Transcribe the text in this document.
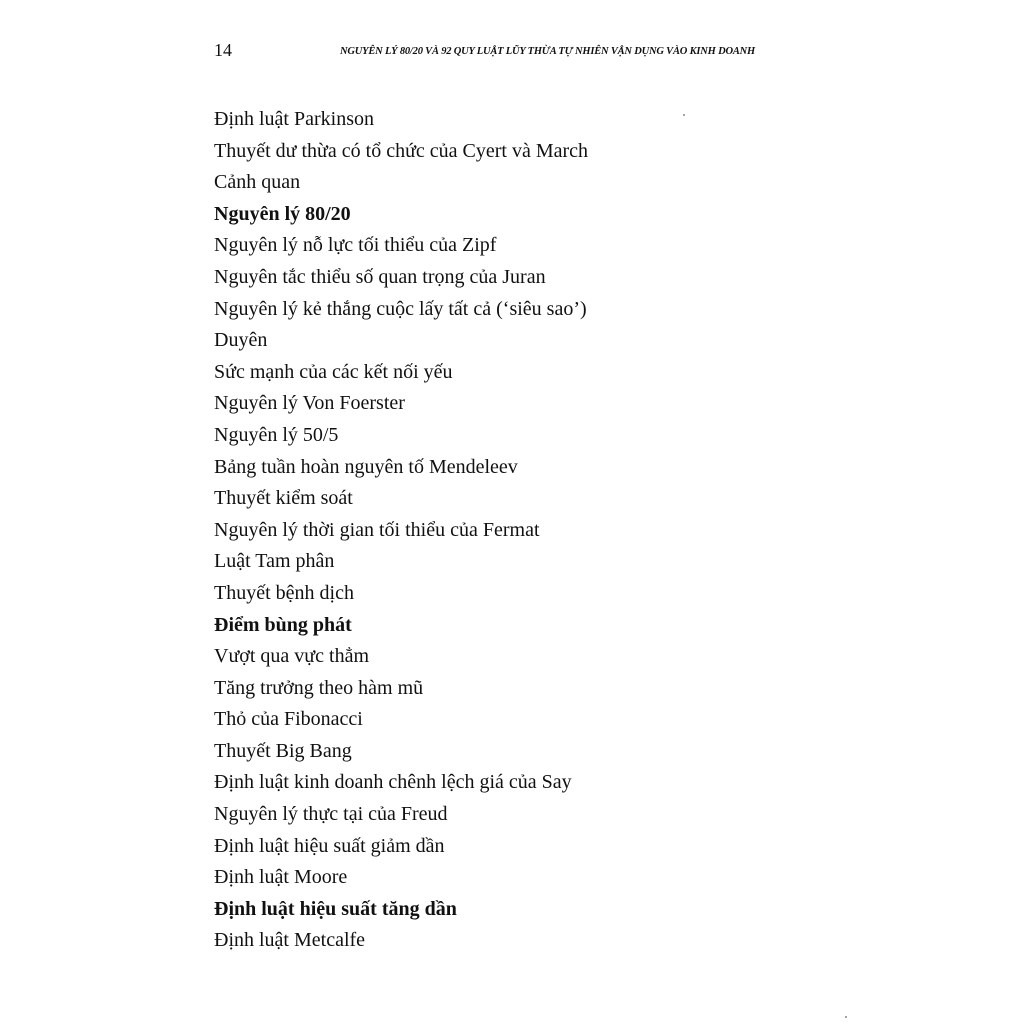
14	NGUYÊN LÝ 80/20 VÀ 92 QUY LUẬT LŨY THỪA TỰ NHIÊN VẬN DỤNG VÀO KINH DOANH
Định luật Parkinson
Thuyết dư thừa có tổ chức của Cyert và March
Cảnh quan
Nguyên lý 80/20
Nguyên lý nỗ lực tối thiểu của Zipf
Nguyên tắc thiểu số quan trọng của Juran
Nguyên lý kẻ thắng cuộc lấy tất cả (‘siêu sao’)
Duyên
Sức mạnh của các kết nối yếu
Nguyên lý Von Foerster
Nguyên lý 50/5
Bảng tuần hoàn nguyên tố Mendeleev
Thuyết kiểm soát
Nguyên lý thời gian tối thiểu của Fermat
Luật Tam phân
Thuyết bệnh dịch
Điểm bùng phát
Vượt qua vực thẳm
Tăng trưởng theo hàm mũ
Thỏ của Fibonacci
Thuyết Big Bang
Định luật kinh doanh chênh lệch giá của Say
Nguyên lý thực tại của Freud
Định luật hiệu suất giảm dần
Định luật Moore
Định luật hiệu suất tăng dần
Định luật Metcalfe
